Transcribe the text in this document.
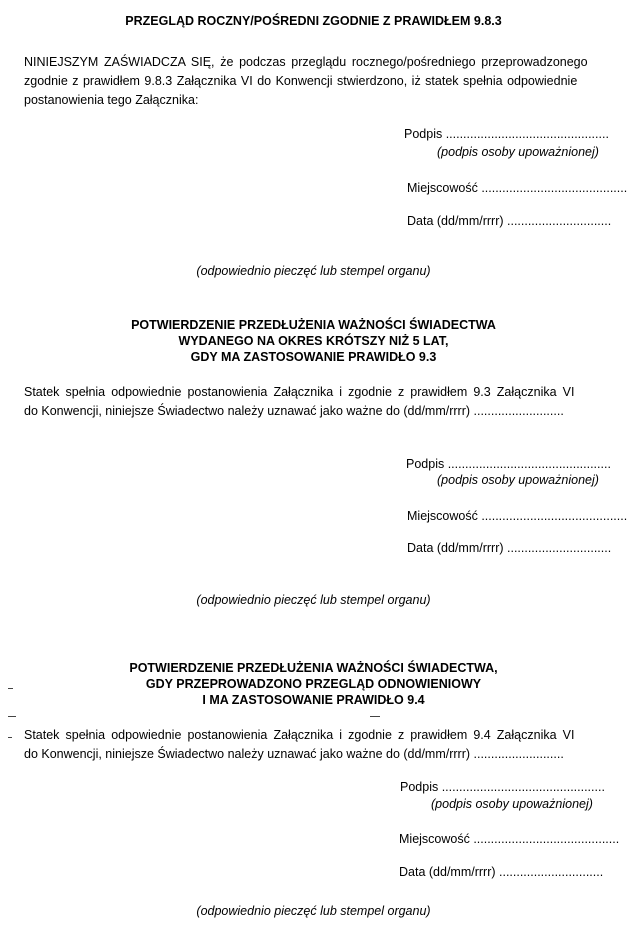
PRZEGLĄD ROCZNY/POŚREDNI ZGODNIE Z PRAWIDŁEM 9.8.3
NINIEJSZYM ZAŚWIADCZA SIĘ, że podczas przeglądu rocznego/pośredniego przeprowadzonego
zgodnie z prawidłem 9.8.3 Załącznika VI do Konwencji stwierdzono, iż statek spełnia odpowiednie
postanowienia tego Załącznika:
Podpis ...............................................
(podpis osoby upoważnionej)
Miejscowość ..........................................
Data (dd/mm/rrrr) ..............................
(odpowiednio pieczęć lub stempel organu)
POTWIERDZENIE PRZEDŁUŻENIA WAŻNOŚCI ŚWIADECTWA
WYDANEGO NA OKRES KRÓTSZY NIŻ 5 LAT,
GDY MA ZASTOSOWANIE PRAWIDŁO 9.3
Statek spełnia odpowiednie postanowienia Załącznika i zgodnie z prawidłem 9.3 Załącznika VI
do Konwencji, niniejsze Świadectwo należy uznawać jako ważne do (dd/mm/rrrr) ..........................
Podpis ...............................................
(podpis osoby upoważnionej)
Miejscowość ..........................................
Data (dd/mm/rrrr) ..............................
(odpowiednio pieczęć lub stempel organu)
POTWIERDZENIE PRZEDŁUŻENIA WAŻNOŚCI ŚWIADECTWA,
GDY PRZEPROWADZONO PRZEGLĄD ODNOWIENIOWY
I MA ZASTOSOWANIE PRAWIDŁO 9.4
Statek spełnia odpowiednie postanowienia Załącznika i zgodnie z prawidłem 9.4 Załącznika VI
do Konwencji, niniejsze Świadectwo należy uznawać jako ważne do (dd/mm/rrrr) ..........................
Podpis ...............................................
(podpis osoby upoważnionej)
Miejscowość ..........................................
Data (dd/mm/rrrr) ..............................
(odpowiednio pieczęć lub stempel organu)
